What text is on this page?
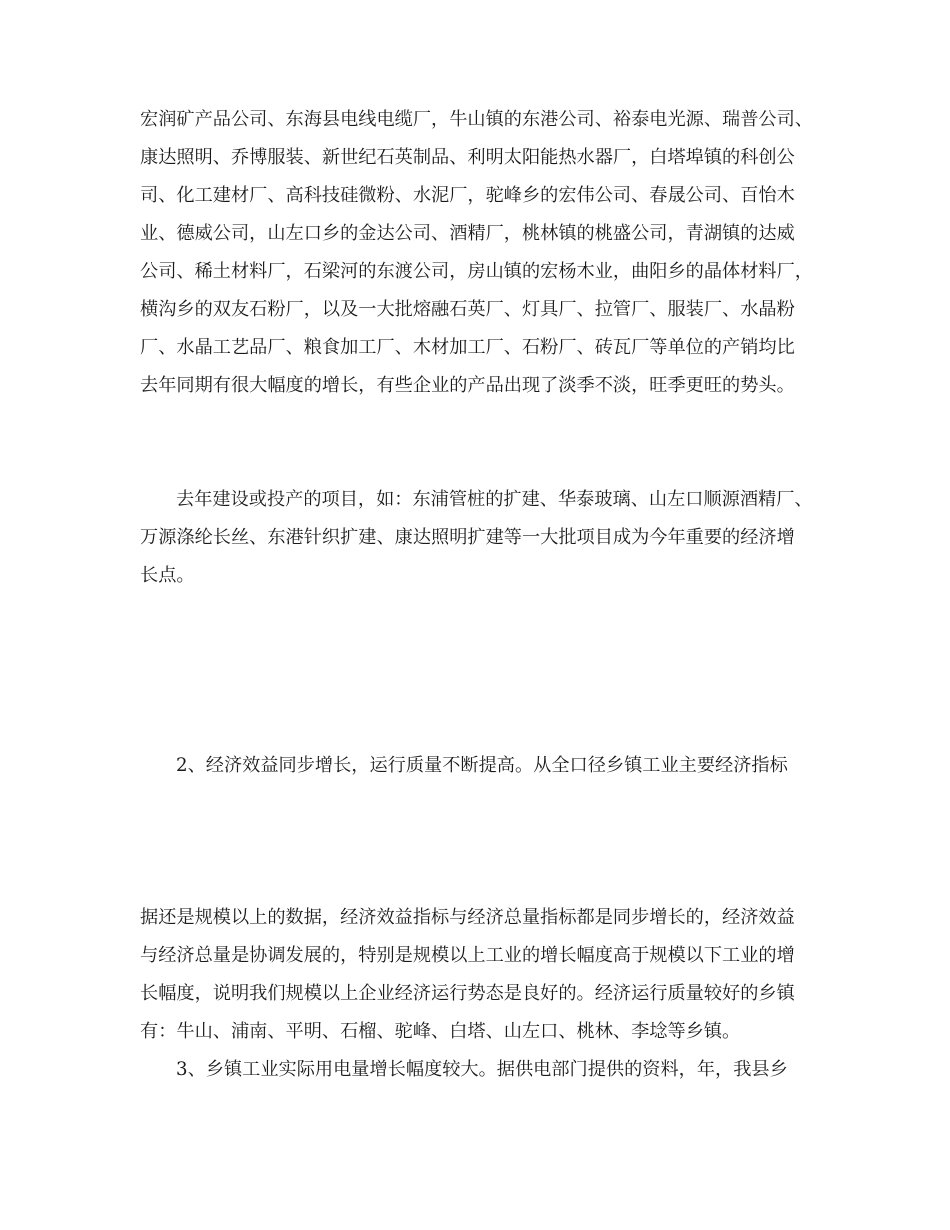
宏润矿产品公司、东海县电线电缆厂，牛山镇的东港公司、裕泰电光源、瑞普公司、
康达照明、乔博服装、新世纪石英制品、利明太阳能热水器厂，白塔埠镇的科创公
司、化工建材厂、高科技硅微粉、水泥厂，驼峰乡的宏伟公司、春晟公司、百怡木
业、德威公司，山左口乡的金达公司、酒精厂，桃林镇的桃盛公司，青湖镇的达威
公司、稀土材料厂，石梁河的东渡公司，房山镇的宏杨木业，曲阳乡的晶体材料厂，
横沟乡的双友石粉厂，以及一大批熔融石英厂、灯具厂、拉管厂、服装厂、水晶粉
厂、水晶工艺品厂、粮食加工厂、木材加工厂、石粉厂、砖瓦厂等单位的产销均比
去年同期有很大幅度的增长，有些企业的产品出现了淡季不淡，旺季更旺的势头。

去年建设或投产的项目，如：东浦管桩的扩建、华泰玻璃、山左口顺源酒精厂、
万源涤纶长丝、东港针织扩建、康达照明扩建等一大批项目成为今年重要的经济增
长点。

2、经济效益同步增长，运行质量不断提高。从全口径乡镇工业主要经济指标

据还是规模以上的数据，经济效益指标与经济总量指标都是同步增长的，经济效益
与经济总量是协调发展的，特别是规模以上工业的增长幅度高于规模以下工业的增
长幅度，说明我们规模以上企业经济运行势态是良好的。经济运行质量较好的乡镇
有：牛山、浦南、平明、石榴、驼峰、白塔、山左口、桃林、李埝等乡镇。
3、乡镇工业实际用电量增长幅度较大。据供电部门提供的资料，年，我县乡
